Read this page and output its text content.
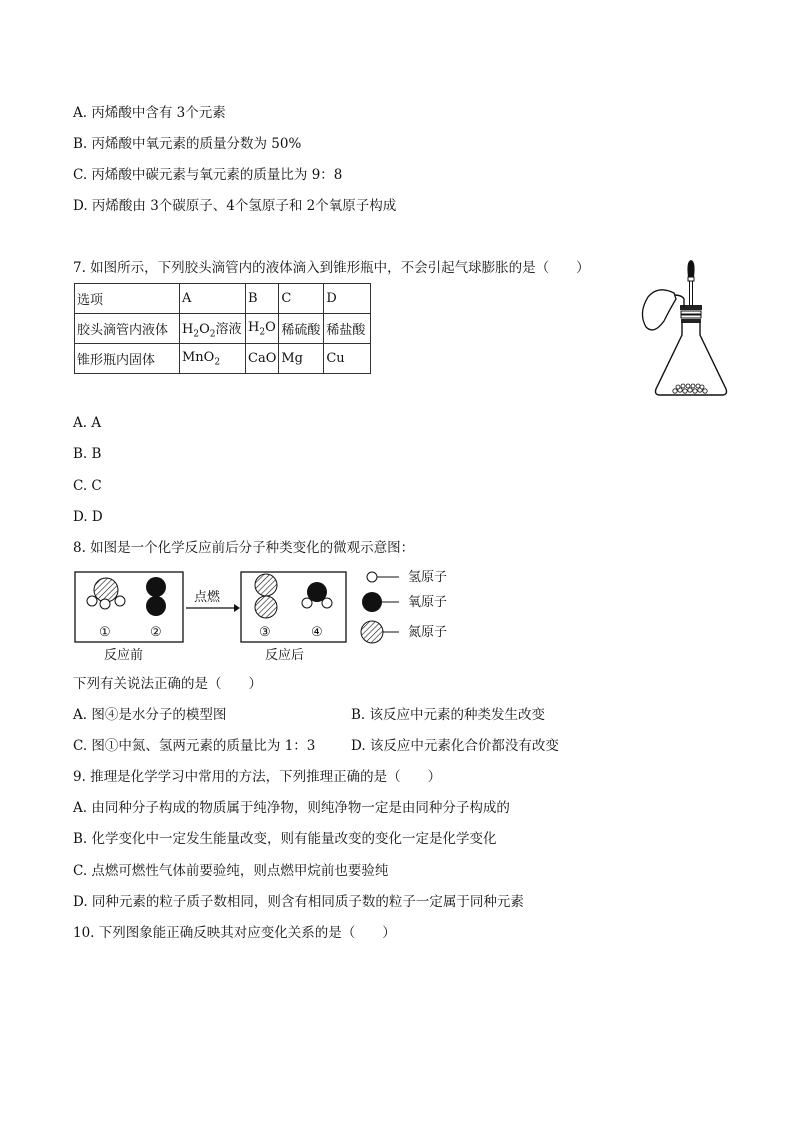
A. 丙烯酸中含有 3个元素
B. 丙烯酸中氧元素的质量分数为 50%
C. 丙烯酸中碳元素与氧元素的质量比为 9：8
D. 丙烯酸由 3个碳原子、4个氢原子和 2个氧原子构成
7. 如图所示，下列胶头滴管内的液体滴入到锥形瓶中，不会引起气球膨胀的是（　　）
选项	A	B	C	D
胶头滴管内液体	$H_2O_2$溶液	$H_2O$	稀硫酸	稀盐酸
锥形瓶内固体	MnO$_2$	CaO	Mg	Cu
A. A
B. B
C. C
D. D
8. 如图是一个化学反应前后分子种类变化的微观示意图：
①	②
点燃
③	④
反应前	反应后
氢原子
氧原子
氮原子
下列有关说法正确的是（　　）
A. 图④是水分子的模型图	B. 该反应中元素的种类发生改变
C. 图①中氮、氢两元素的质量比为 1：3	D. 该反应中元素化合价都没有改变
9. 推理是化学学习中常用的方法，下列推理正确的是（　　）
A. 由同种分子构成的物质属于纯净物，则纯净物一定是由同种分子构成的
B. 化学变化中一定发生能量改变，则有能量改变的变化一定是化学变化
C. 点燃可燃性气体前要验纯，则点燃甲烷前也要验纯
D. 同种元素的粒子质子数相同，则含有相同质子数的粒子一定属于同种元素
10. 下列图象能正确反映其对应变化关系的是（　　）
